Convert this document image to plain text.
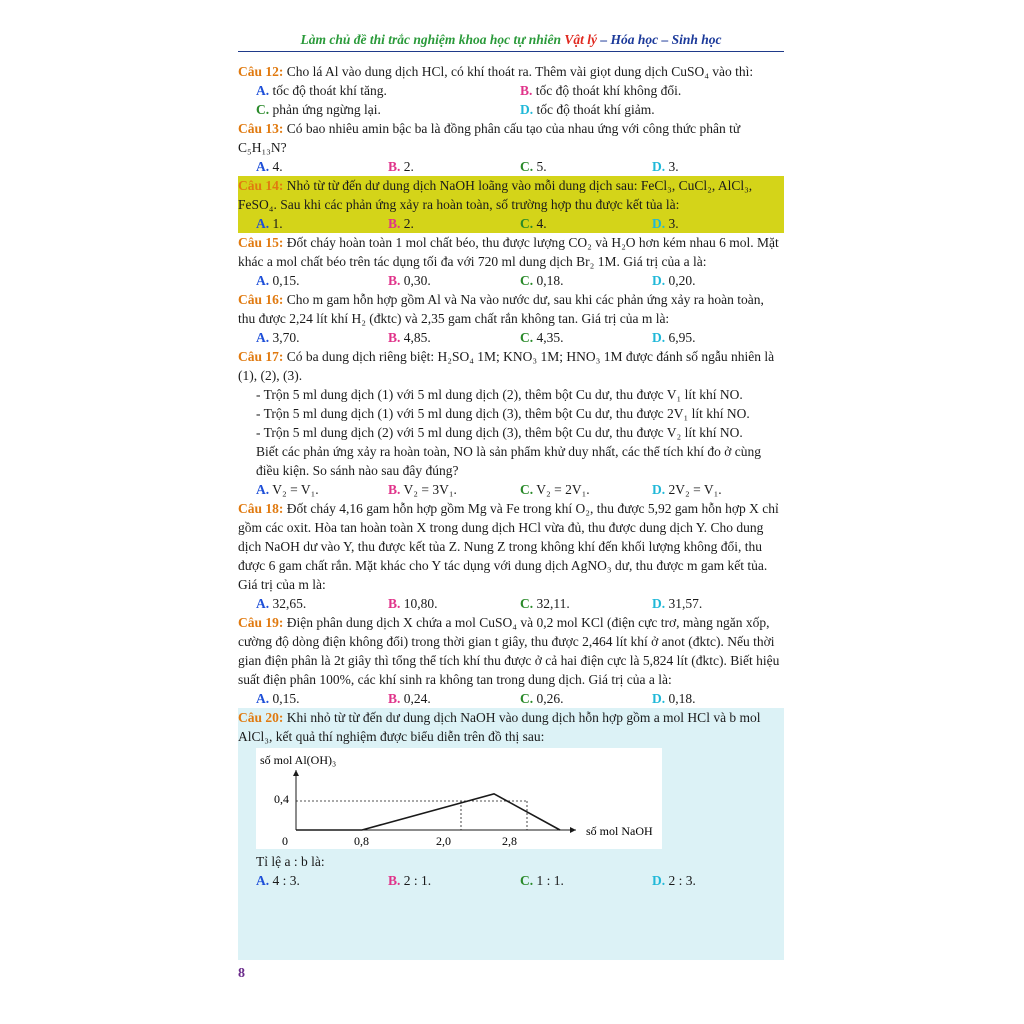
Làm chủ đề thi trắc nghiệm khoa học tự nhiên Vật lý – Hóa học – Sinh học
Câu 12: Cho lá Al vào dung dịch HCl, có khí thoát ra. Thêm vài giọt dung dịch CuSO₄ vào thì:
A. tốc độ thoát khí tăng.	B. tốc độ thoát khí không đổi.
C. phản ứng ngừng lại.	D. tốc độ thoát khí giảm.
Câu 13: Có bao nhiêu amin bậc ba là đồng phân cấu tạo của nhau ứng với công thức phân tử C₅H₁₃N?
A. 4.	B. 2.	C. 5.	D. 3.
Câu 14: Nhỏ từ từ đến dư dung dịch NaOH loãng vào mỗi dung dịch sau: FeCl₃, CuCl₂, AlCl₃, FeSO₄. Sau khi các phản ứng xảy ra hoàn toàn, số trường hợp thu được kết tủa là:
A. 1.	B. 2.	C. 4.	D. 3.
Câu 15: Đốt cháy hoàn toàn 1 mol chất béo, thu được lượng CO₂ và H₂O hơn kém nhau 6 mol. Mặt khác a mol chất béo trên tác dụng tối đa với 720 ml dung dịch Br₂ 1M. Giá trị của a là:
A. 0,15.	B. 0,30.	C. 0,18.	D. 0,20.
Câu 16: Cho m gam hỗn hợp gồm Al và Na vào nước dư, sau khi các phản ứng xảy ra hoàn toàn, thu được 2,24 lít khí H₂ (đktc) và 2,35 gam chất rắn không tan. Giá trị của m là:
A. 3,70.	B. 4,85.	C. 4,35.	D. 6,95.
Câu 17: Có ba dung dịch riêng biệt: H₂SO₄ 1M; KNO₃ 1M; HNO₃ 1M được đánh số ngẫu nhiên là (1), (2), (3).
- Trộn 5 ml dung dịch (1) với 5 ml dung dịch (2), thêm bột Cu dư, thu được V₁ lít khí NO.
- Trộn 5 ml dung dịch (1) với 5 ml dung dịch (3), thêm bột Cu dư, thu được 2V₁ lít khí NO.
- Trộn 5 ml dung dịch (2) với 5 ml dung dịch (3), thêm bột Cu dư, thu được V₂ lít khí NO.
Biết các phản ứng xảy ra hoàn toàn, NO là sản phẩm khử duy nhất, các thể tích khí đo ở cùng điều kiện. So sánh nào sau đây đúng?
A. V₂ = V₁.	B. V₂ = 3V₁.	C. V₂ = 2V₁.	D. 2V₂ = V₁.
Câu 18: Đốt cháy 4,16 gam hỗn hợp gồm Mg và Fe trong khí O₂, thu được 5,92 gam hỗn hợp X chỉ gồm các oxit. Hòa tan hoàn toàn X trong dung dịch HCl vừa đủ, thu được dung dịch Y. Cho dung dịch NaOH dư vào Y, thu được kết tủa Z. Nung Z trong không khí đến khối lượng không đổi, thu được 6 gam chất rắn. Mặt khác cho Y tác dụng với dung dịch AgNO₃ dư, thu được m gam kết tủa. Giá trị của m là:
A. 32,65.	B. 10,80.	C. 32,11.	D. 31,57.
Câu 19: Điện phân dung dịch X chứa a mol CuSO₄ và 0,2 mol KCl (điện cực trơ, màng ngăn xốp, cường độ dòng điện không đổi) trong thời gian t giây, thu được 2,464 lít khí ở anot (đktc). Nếu thời gian điện phân là 2t giây thì tổng thể tích khí thu được ở cả hai điện cực là 5,824 lít (đktc). Biết hiệu suất điện phân 100%, các khí sinh ra không tan trong dung dịch. Giá trị của a là:
A. 0,15.	B. 0,24.	C. 0,26.	D. 0,18.
Câu 20: Khi nhỏ từ từ đến dư dung dịch NaOH vào dung dịch hỗn hợp gồm a mol HCl và b mol AlCl₃, kết quả thí nghiệm được biểu diễn trên đồ thị sau:
số mol Al(OH)₃
số mol NaOH
0,4
0	0,8	2,0	2,8
Tỉ lệ a : b là:
A. 4 : 3.	B. 2 : 1.	C. 1 : 1.	D. 2 : 3.
8
